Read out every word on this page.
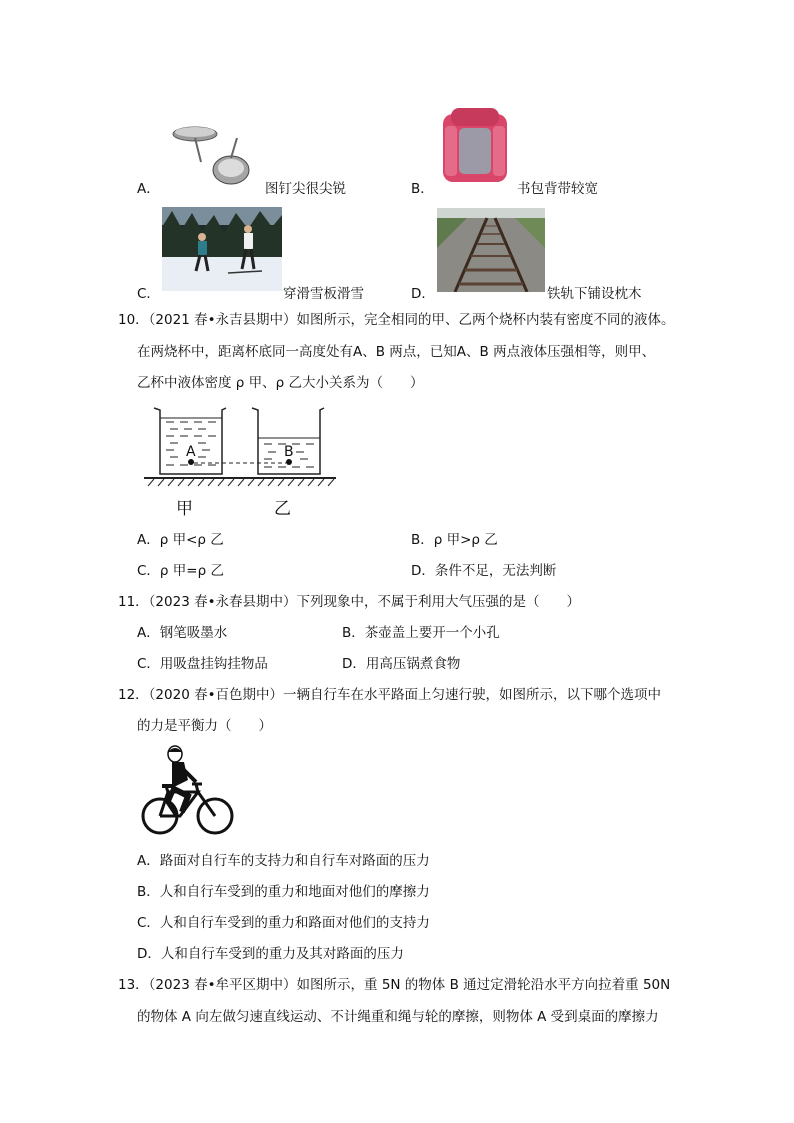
A．	图钉尖很尖锐	B．	书包背带较宽
C．	穿滑雪板滑雪	D．	铁轨下铺设枕木
10．（2021 春•永吉县期中）如图所示，完全相同的甲、乙两个烧杯内装有密度不同的液体。
在两烧杯中，距离杯底同一高度处有A、B 两点，已知A、B 两点液体压强相等，则甲、
乙杯中液体密度 ρ 甲、ρ 乙大小关系为（　　）
A	B
甲	乙
A．ρ 甲<ρ 乙	B．ρ 甲>ρ 乙
C．ρ 甲=ρ 乙	D．条件不足，无法判断
11．（2023 春•永春县期中）下列现象中，不属于利用大气压强的是（　　）
A．钢笔吸墨水	B．茶壶盖上要开一个小孔
C．用吸盘挂钩挂物品	D．用高压锅煮食物
12．（2020 春•百色期中）一辆自行车在水平路面上匀速行驶，如图所示，以下哪个选项中
的力是平衡力（　　）
A．路面对自行车的支持力和自行车对路面的压力
B．人和自行车受到的重力和地面对他们的摩擦力
C．人和自行车受到的重力和路面对他们的支持力
D．人和自行车受到的重力及其对路面的压力
13．（2023 春•牟平区期中）如图所示，重 5N 的物体 B 通过定滑轮沿水平方向拉着重 50N
的物体 A 向左做匀速直线运动、不计绳重和绳与轮的摩擦，则物体 A 受到桌面的摩擦力
